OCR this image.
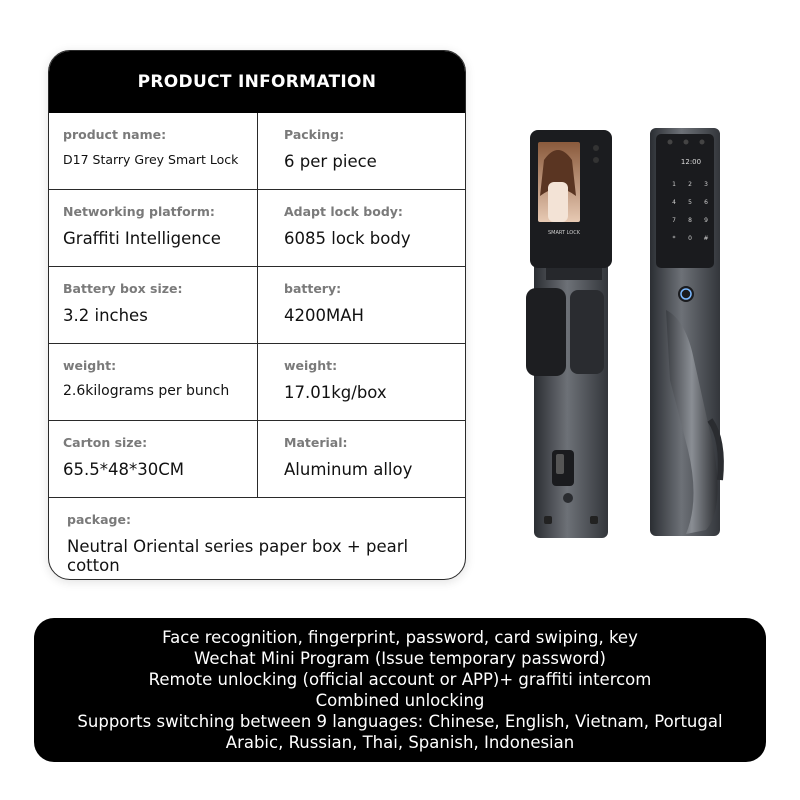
PRODUCT INFORMATION
product name:
D17 Starry Grey Smart Lock
Packing:
6 per piece
Networking platform:
Graffiti Intelligence
Adapt lock body:
6085 lock body
Battery box size:
3.2 inches
battery:
4200MAH
weight:
2.6kilograms per bunch
weight:
17.01kg/box
Carton size:
65.5*48*30CM
Material:
Aluminum alloy
package:
Neutral Oriental series paper box + pearl cotton
SMART LOCK
12:00
1 2 3
4 5 6
7 8 9
* 0 #
Face recognition, fingerprint, password, card swiping, key
Wechat Mini Program (Issue temporary password)
Remote unlocking (official account or APP)+ graffiti intercom
Combined unlocking
Supports switching between 9 languages: Chinese, English, Vietnam, Portugal
Arabic, Russian, Thai, Spanish, Indonesian
